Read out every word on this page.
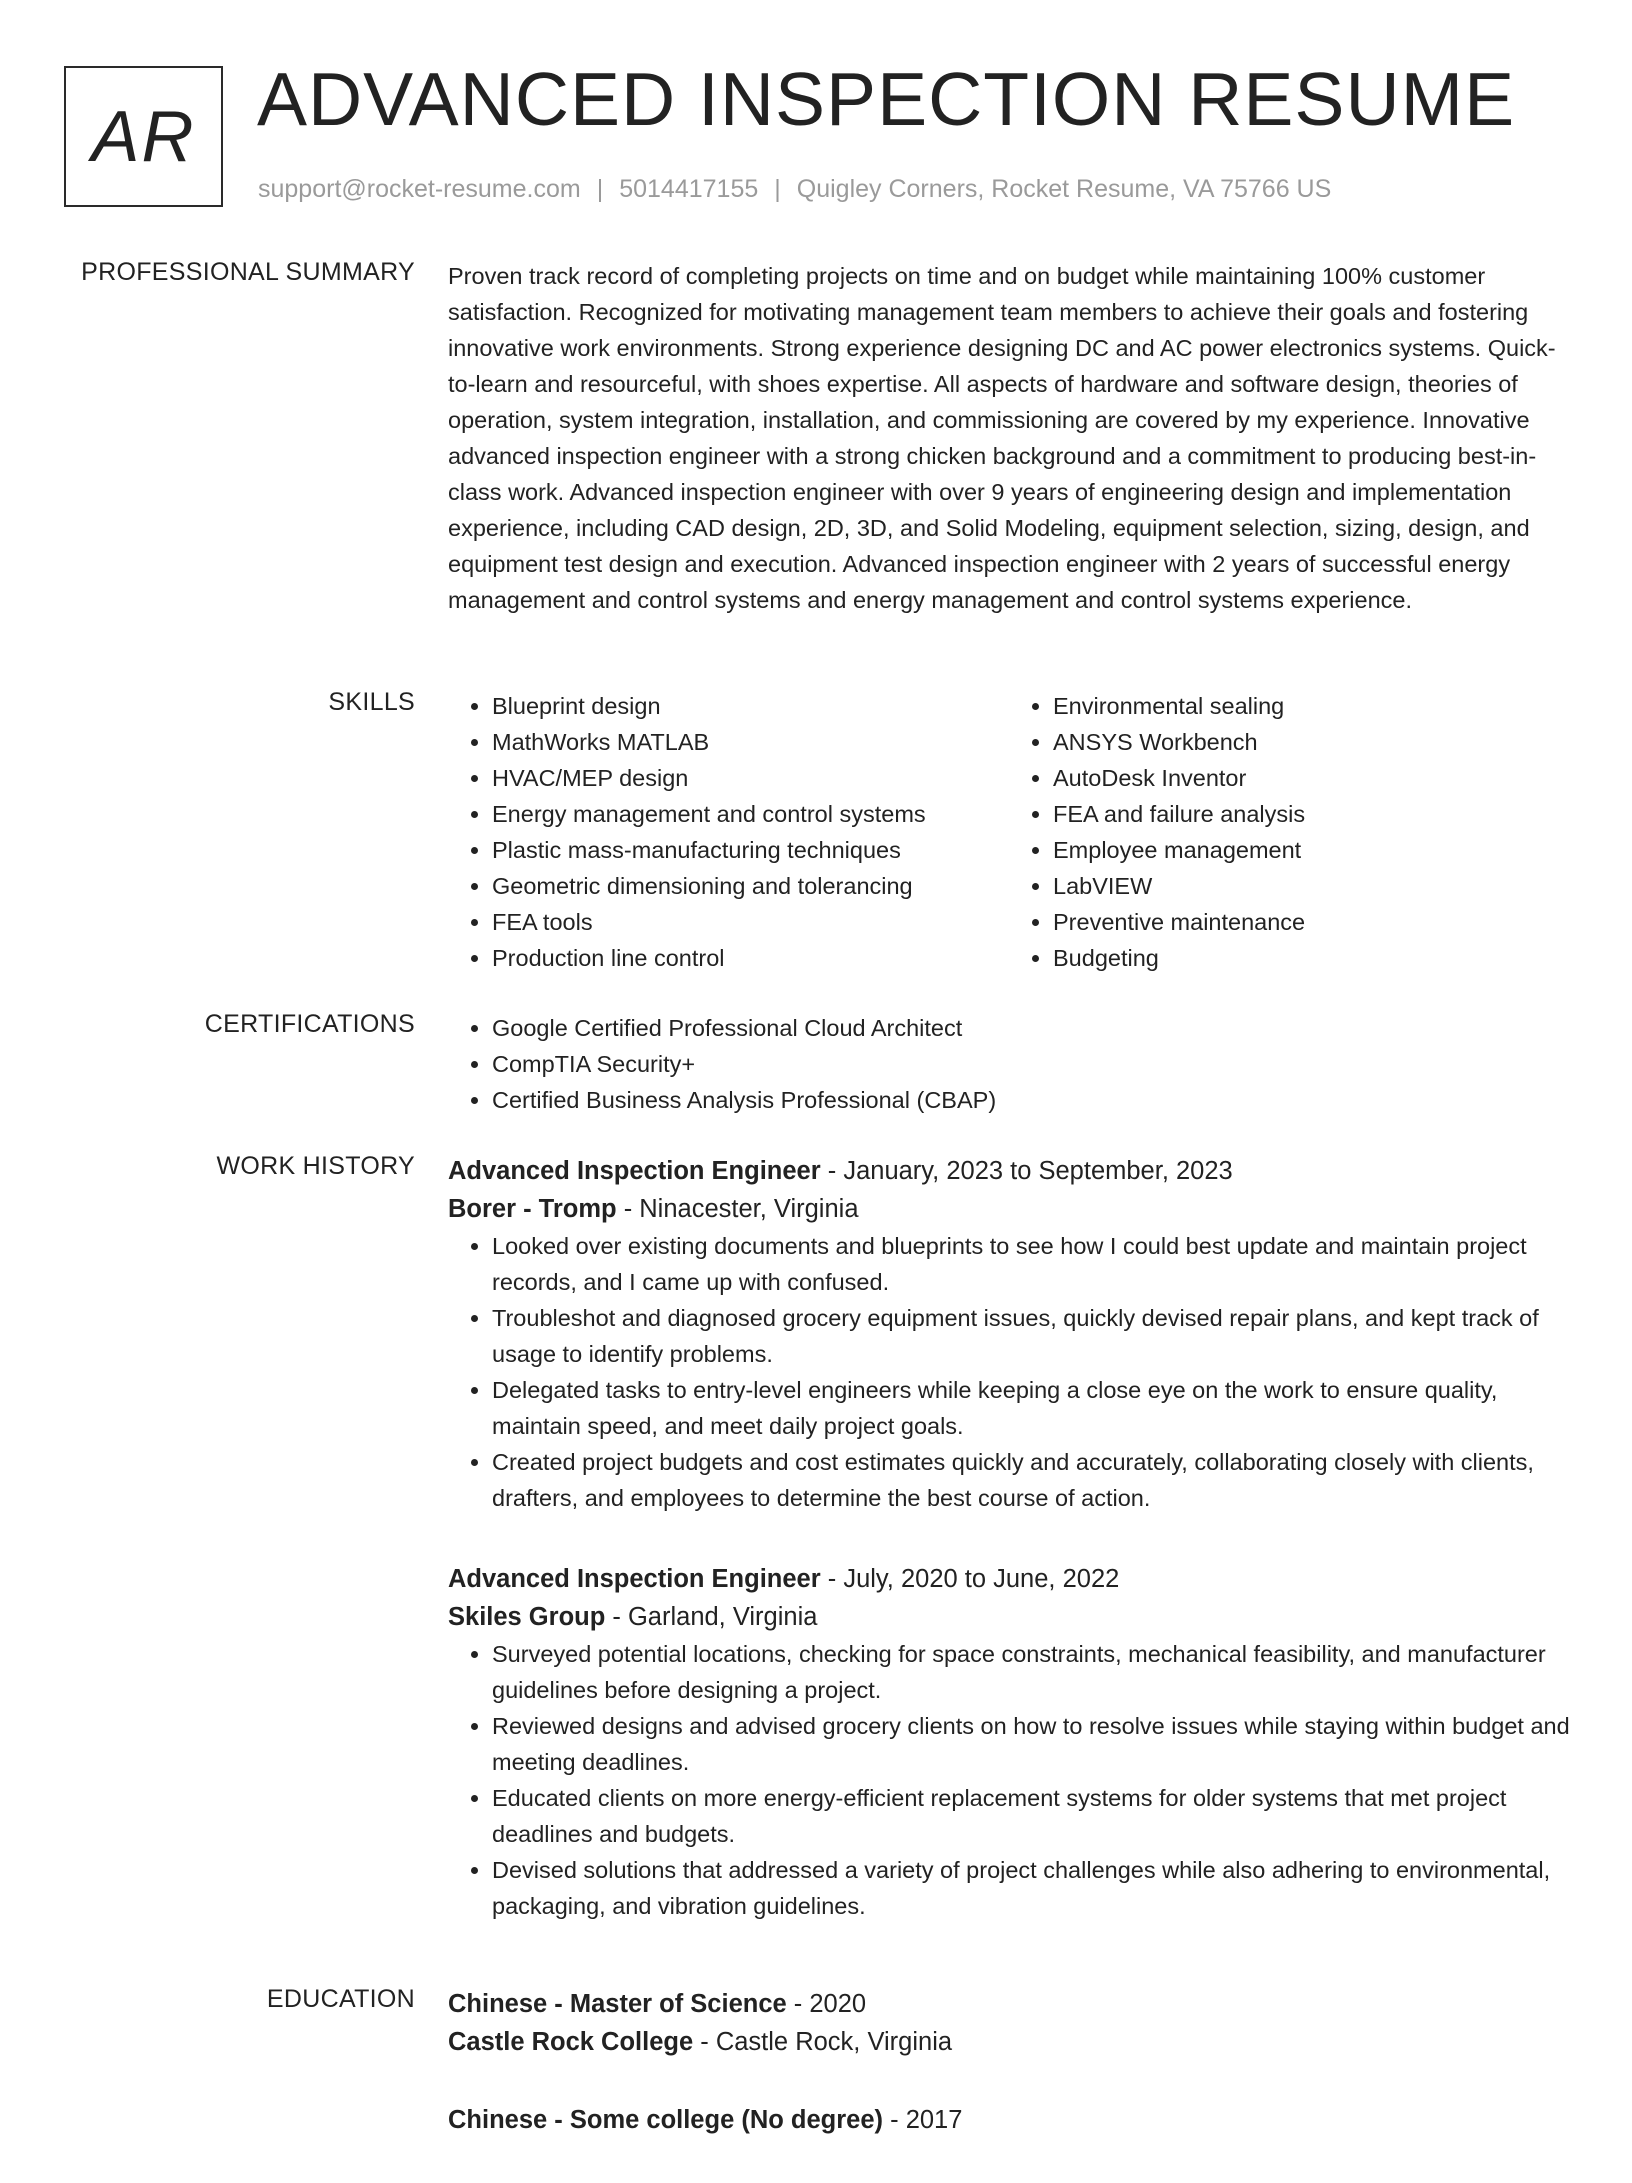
AR ADVANCED INSPECTION RESUME
support@rocket-resume.com | 5014417155 | Quigley Corners, Rocket Resume, VA 75766 US
PROFESSIONAL SUMMARY Proven track record of completing projects on time and on budget while maintaining 100% customer satisfaction. Recognized for motivating management team members to achieve their goals and fostering innovative work environments. Strong experience designing DC and AC power electronics systems. Quick-to-learn and resourceful, with shoes expertise. All aspects of hardware and software design, theories of operation, system integration, installation, and commissioning are covered by my experience. Innovative advanced inspection engineer with a strong chicken background and a commitment to producing best-in-class work. Advanced inspection engineer with over 9 years of engineering design and implementation experience, including CAD design, 2D, 3D, and Solid Modeling, equipment selection, sizing, design, and equipment test design and execution. Advanced inspection engineer with 2 years of successful energy management and control systems and energy management and control systems experience.

SKILLS	• Blueprint design
• MathWorks MATLAB
• HVAC/MEP design
• Energy management and control systems
• Plastic mass-manufacturing techniques
• Geometric dimensioning and tolerancing
• FEA tools
• Production line control
• Environmental sealing
• ANSYS Workbench
• AutoDesk Inventor
• FEA and failure analysis
• Employee management
• LabVIEW
• Preventive maintenance
• Budgeting
CERTIFICATIONS	• Google Certified Professional Cloud Architect
• CompTIA Security+
• Certified Business Analysis Professional (CBAP)
WORK HISTORY Advanced Inspection Engineer - January, 2023 to September, 2023
Borer - Tromp - Ninacester, Virginia
• Looked over existing documents and blueprints to see how I could best update and maintain project records, and I came up with confused.
• Troubleshot and diagnosed grocery equipment issues, quickly devised repair plans, and kept track of usage to identify problems.
• Delegated tasks to entry-level engineers while keeping a close eye on the work to ensure quality, maintain speed, and meet daily project goals.
• Created project budgets and cost estimates quickly and accurately, collaborating closely with clients, drafters, and employees to determine the best course of action.
Advanced Inspection Engineer - July, 2020 to June, 2022
Skiles Group - Garland, Virginia
• Surveyed potential locations, checking for space constraints, mechanical feasibility, and manufacturer guidelines before designing a project.
• Reviewed designs and advised grocery clients on how to resolve issues while staying within budget and meeting deadlines.
• Educated clients on more energy-efficient replacement systems for older systems that met project deadlines and budgets.
• Devised solutions that addressed a variety of project challenges while also adhering to environmental, packaging, and vibration guidelines.
EDUCATION Chinese - Master of Science - 2020
Castle Rock College - Castle Rock, Virginia
Chinese - Some college (No degree) - 2017
